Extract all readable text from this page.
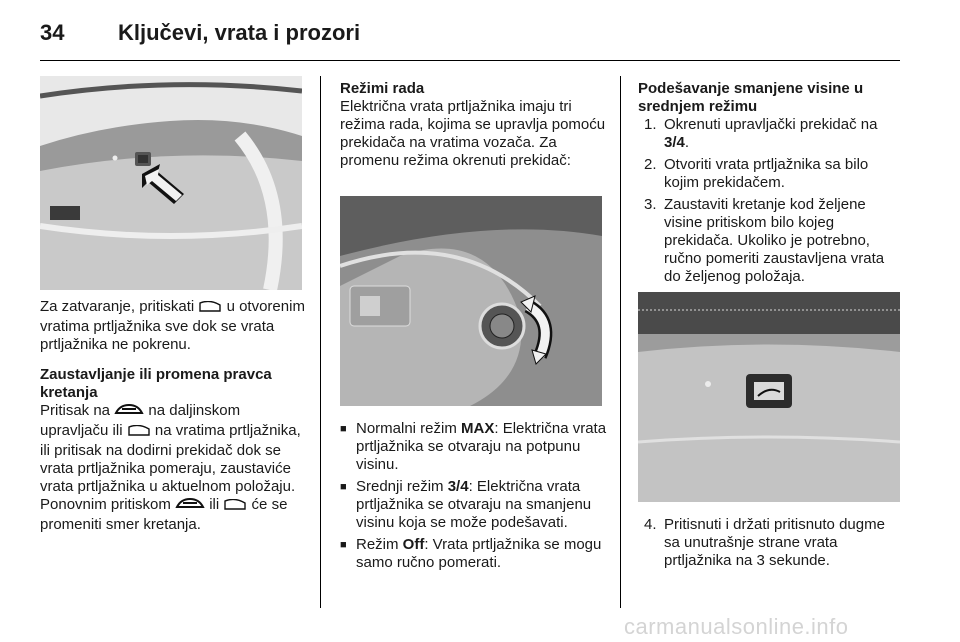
34 Ključevi, vrata i prozori

Za zatvaranje, pritiskati  u otvorenim vratima prtljažnika sve dok se vrata prtljažnika ne pokrenu.

Zaustavljanje ili promena pravca kretanja

Pritisak na  na daljinskom upravljaču ili  na vratima prtljažnika, ili pritisak na dodirni prekidač dok se vrata prtljažnika pomeraju, zaustaviće vrata prtljažnika u aktuelnom položaju. Ponovnim pritiskom  ili  će se promeniti smer kretanja.

Režimi rada

Električna vrata prtljažnika imaju tri režima rada, kojima se upravlja pomoću prekidača na vratima vozača. Za promenu režima okrenuti prekidač:

■ Normalni režim MAX: Električna vrata prtljažnika se otvaraju na potpunu visinu.
■ Srednji režim 3/4: Električna vrata prtljažnika se otvaraju na smanjenu visinu koja se može podešavati.
■ Režim Off: Vrata prtljažnika se mogu samo ručno pomerati.

Podešavanje smanjene visine u srednjem režimu

1. Okrenuti upravljački prekidač na 3/4.
2. Otvoriti vrata prtljažnika sa bilo kojim prekidačem.
3. Zaustaviti kretanje kod željene visine pritiskom bilo kojeg prekidača. Ukoliko je potrebno, ručno pomeriti zaustavljena vrata do željenog položaja.
4. Pritisnuti i držati pritisnuto dugme sa unutrašnje strane vrata prtljažnika na 3 sekunde.
carmanualsonline.info
